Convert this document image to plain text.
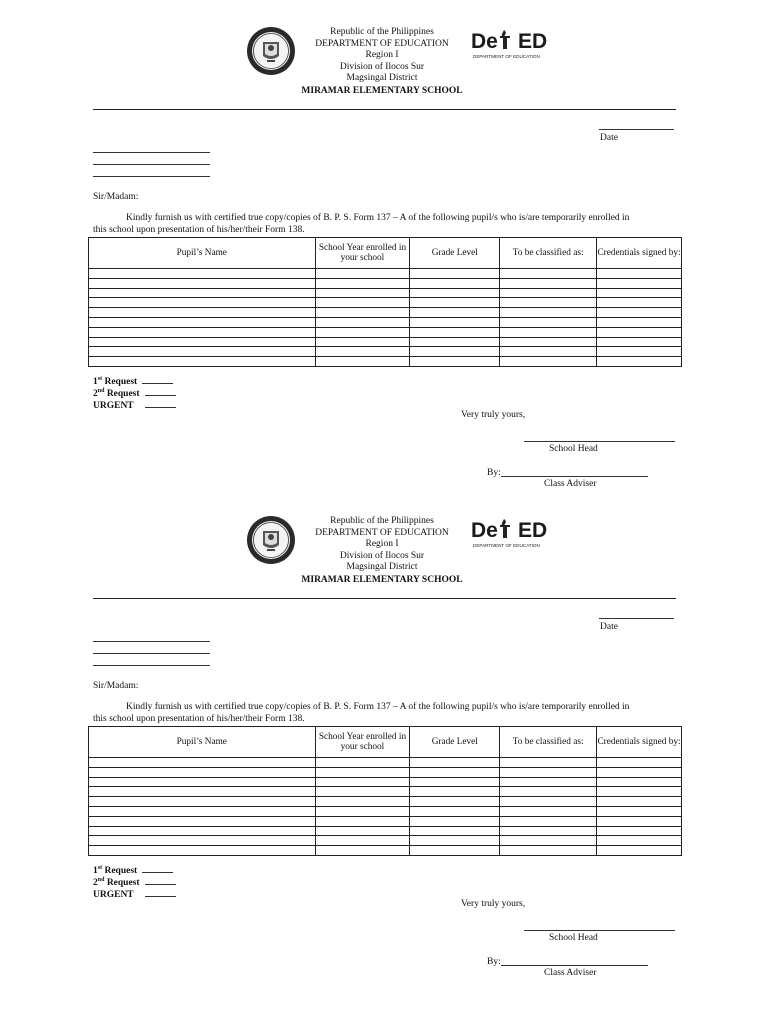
Republic of the Philippines
DEPARTMENT OF EDUCATION
Region I
Division of Ilocos Sur
Magsingal District
MIRAMAR ELEMENTARY SCHOOL
De ED
DEPARTMENT OF EDUCATION
Date
Sir/Madam:
Kindly furnish us with certified true copy/copies of B. P. S. Form 137 – A of the following pupil/s who is/are temporarily enrolled in
this school upon presentation of his/her/their Form 138.
Pupil’s Name	School Year enrolled in your school	Grade Level	To be classified as:	Credentials signed by:

1st Request
2nd Request
URGENT
Very truly yours,
School Head
By:
Class Adviser
Republic of the Philippines
DEPARTMENT OF EDUCATION
Region I
Division of Ilocos Sur
Magsingal District
MIRAMAR ELEMENTARY SCHOOL
De ED
DEPARTMENT OF EDUCATION
Date
Sir/Madam:
Kindly furnish us with certified true copy/copies of B. P. S. Form 137 – A of the following pupil/s who is/are temporarily enrolled in
this school upon presentation of his/her/their Form 138.
Pupil’s Name	School Year enrolled in your school	Grade Level	To be classified as:	Credentials signed by:

1st Request
2nd Request
URGENT
Very truly yours,
School Head
By:
Class Adviser
